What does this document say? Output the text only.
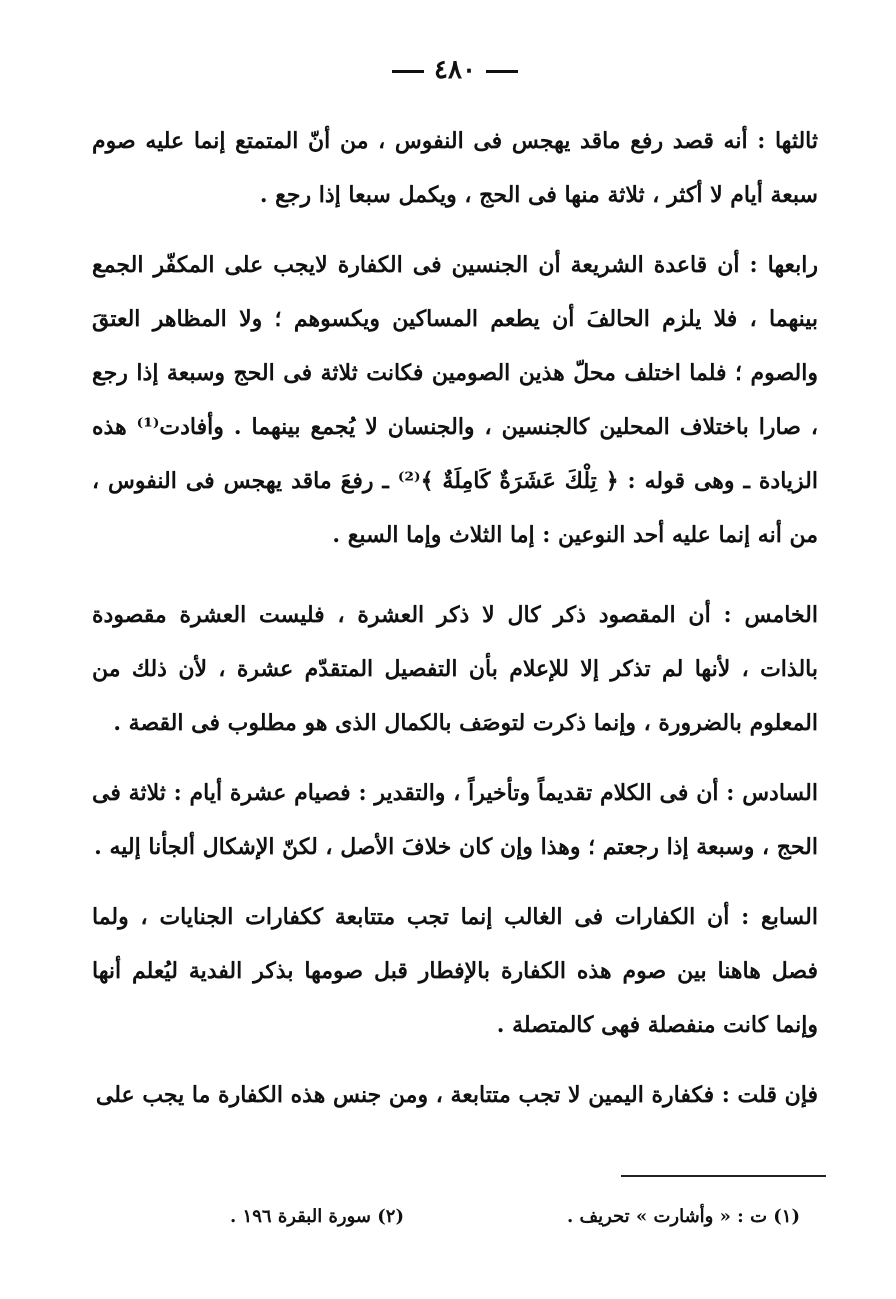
٤٨٠

ثالثها : أنه قصد رفع ماقد يهجس فى النفوس ، من أنّ المتمتع إنما عليه صوم سبعة أيام لا أكثر ، ثلاثة منها فى الحج ، ويكمل سبعا إذا رجع .

رابعها : أن قاعدة الشريعة أن الجنسين فى الكفارة لايجب على المكفّر الجمع بينهما ، فلا يلزم الحالفَ أن يطعم المساكين ويكسوهم ؛ ولا المظاهر العتقَ والصوم ؛ فلما اختلف محلّ هذين الصومين فكانت ثلاثة فى الحج وسبعة إذا رجع ، صارا باختلاف المحلين كالجنسين ، والجنسان لا يُجمع بينهما . وأفادت⁽¹⁾ هذه الزيادة ـ وهى قوله : ﴿ تِلْكَ عَشَرَةٌ كَامِلَةٌ ﴾⁽²⁾ ـ رفعَ ماقد يهجس فى النفوس ، من أنه إنما عليه أحد النوعين : إما الثلاث وإما السبع .

الخامس : أن المقصود ذكر كال لا ذكر العشرة ، فليست العشرة مقصودة بالذات ، لأنها لم تذكر إلا للإعلام بأن التفصيل المتقدّم عشرة ، لأن ذلك من المعلوم بالضرورة ، وإنما ذكرت لتوصَف بالكمال الذى هو مطلوب فى القصة .

السادس : أن فى الكلام تقديماً وتأخيراً ، والتقدير : فصيام عشرة أيام : ثلاثة فى الحج ، وسبعة إذا رجعتم ؛ وهذا وإن كان خلافَ الأصل ، لكنّ الإشكال ألجأنا إليه .

السابع : أن الكفارات فى الغالب إنما تجب متتابعة ككفارات الجنايات ، ولما فصل هاهنا بين صوم هذه الكفارة بالإفطار قبل صومها بذكر الفدية ليُعلم أنها وإنما كانت منفصلة فهى كالمتصلة .

فإن قلت : فكفارة اليمين لا تجب متتابعة ، ومن جنس هذه الكفارة ما يجب على

(١) ت : « وأشارت » تحريف .
(٢) سورة البقرة ١٩٦ .
